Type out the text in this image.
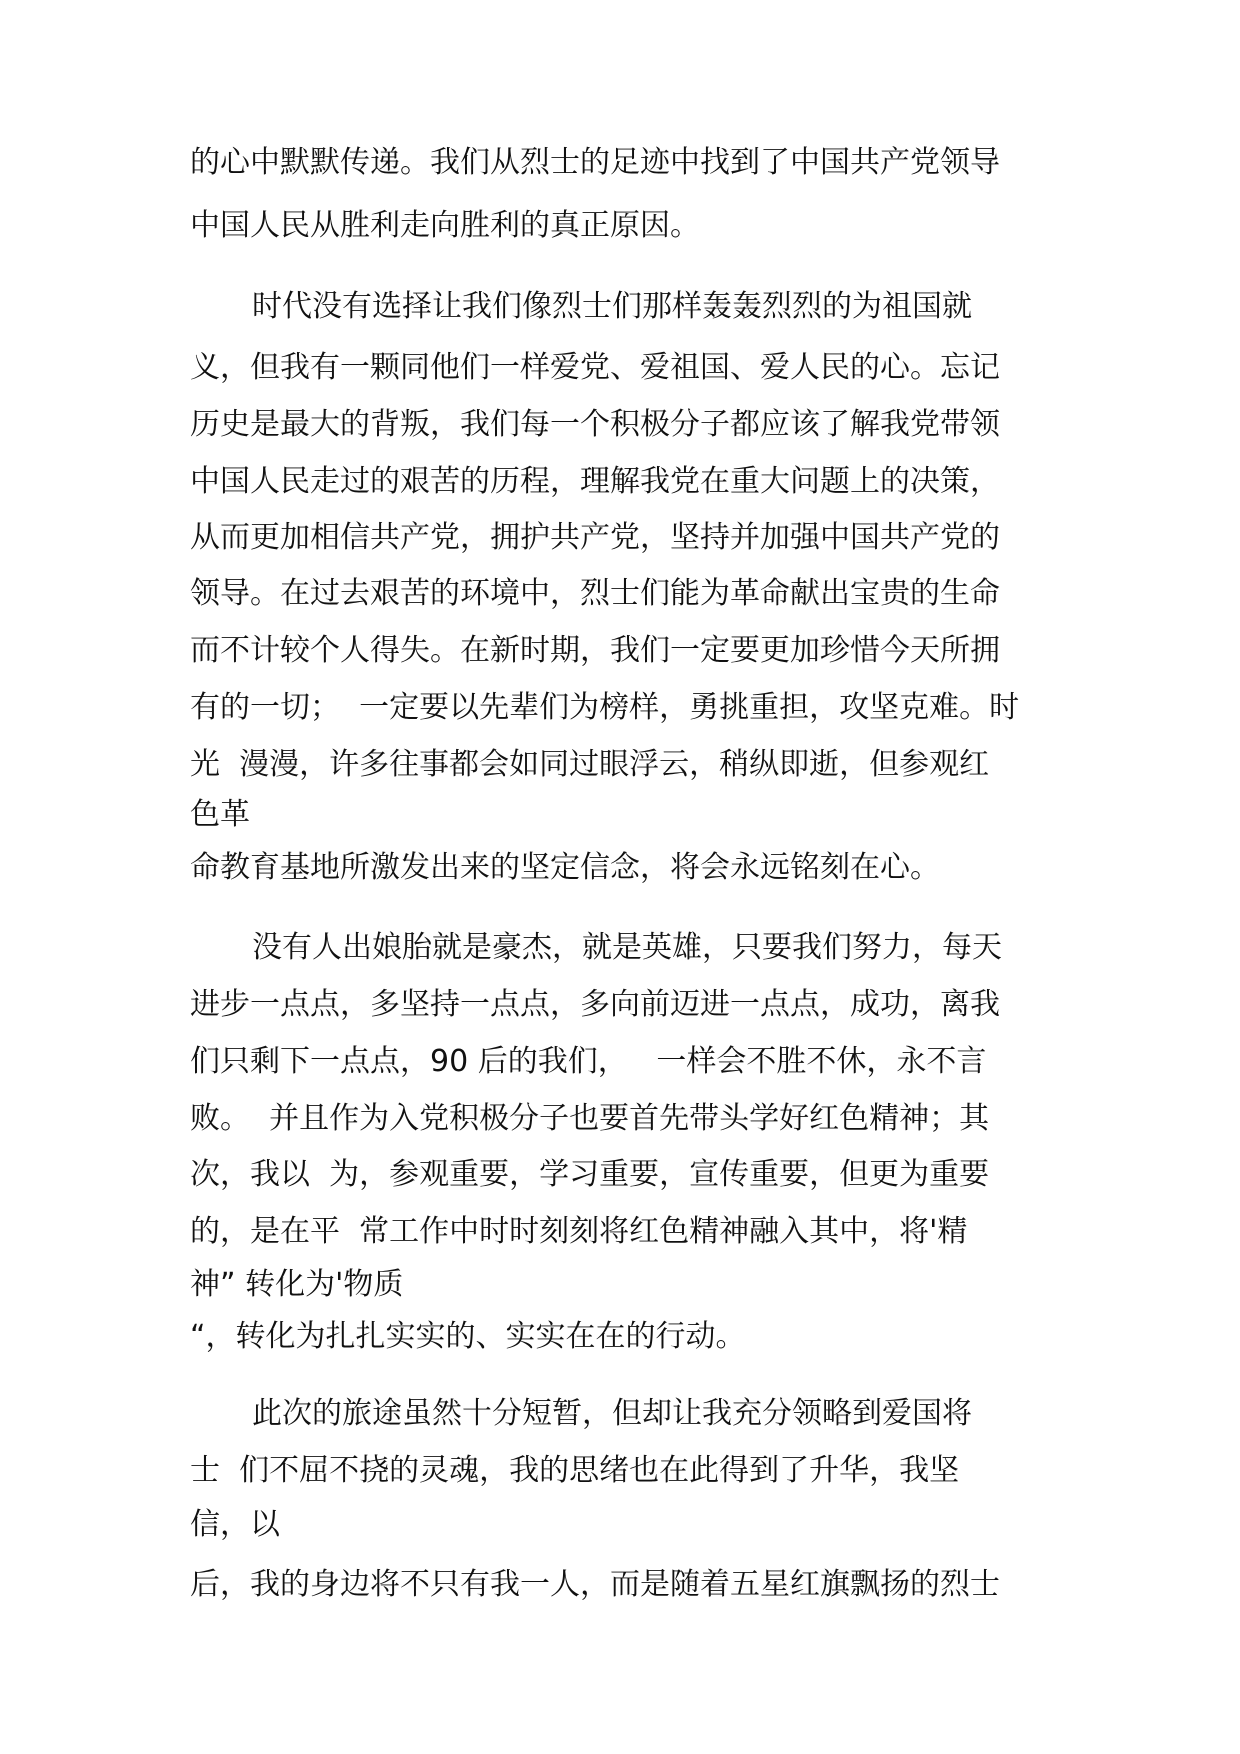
的心中默默传递。我们从烈士的足迹中找到了中国共产党领导

中国人民从胜利走向胜利的真正原因。

时代没有选择让我们像烈士们那样轰轰烈烈的为祖国就

义，但我有一颗同他们一样爱党、爱祖国、爱人民的心。忘记

历史是最大的背叛，我们每一个积极分子都应该了解我党带领

中国人民走过的艰苦的历程，理解我党在重大问题上的决策，

从而更加相信共产党，拥护共产党，坚持并加强中国共产党的

领导。在过去艰苦的环境中，烈士们能为革命献出宝贵的生命

而不计较个人得失。在新时期，我们一定要更加珍惜今天所拥

有的一切；  一定要以先辈们为榜样，勇挑重担，攻坚克难。时

光  漫漫，许多往事都会如同过眼浮云，稍纵即逝，但参观红

色革

命教育基地所激发出来的坚定信念，将会永远铭刻在心。

没有人出娘胎就是豪杰，就是英雄，只要我们努力，每天

进步一点点，多坚持一点点，多向前迈进一点点，成功，离我

们只剩下一点点，90 后的我们，   一样会不胜不休，永不言

败。  并且作为入党积极分子也要首先带头学好红色精神；其

次，我以  为，参观重要，学习重要，宣传重要，但更为重要

的，是在平  常工作中时时刻刻将红色精神融入其中，将'精

神” 转化为'物质

“，转化为扎扎实实的、实实在在的行动。

此次的旅途虽然十分短暂，但却让我充分领略到爱国将

士  们不屈不挠的灵魂，我的思绪也在此得到了升华，我坚

信，以

后，我的身边将不只有我一人，而是随着五星红旗飘扬的烈士
